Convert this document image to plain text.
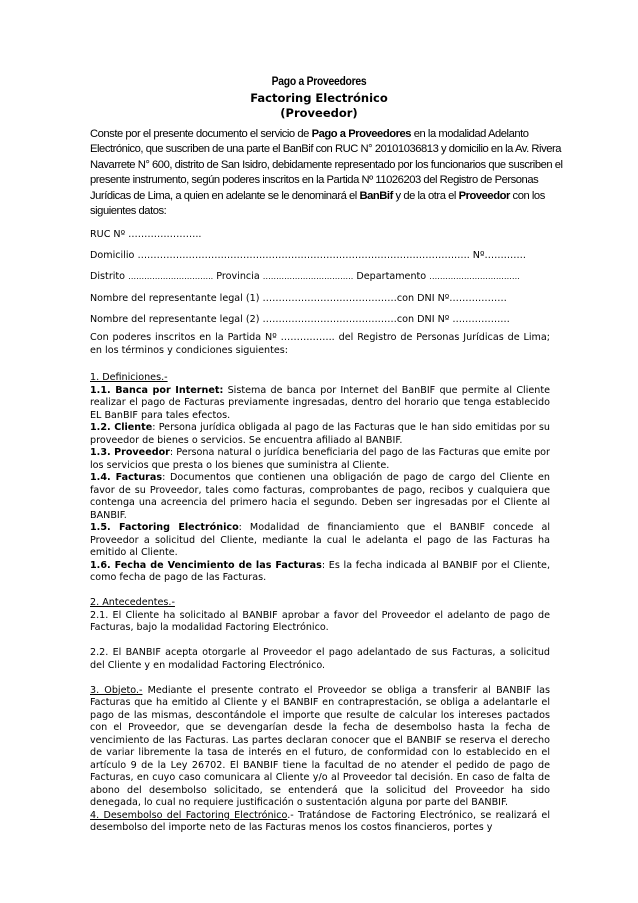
Pago a Proveedores
Factoring Electrónico
(Proveedor)
Conste por el presente documento el servicio de Pago a Proveedores en la modalidad Adelanto Electrónico, que suscriben de una parte el BanBif con RUC N° 20101036813 y domicilio en la Av. Rivera Navarrete N° 600, distrito de San Isidro, debidamente representado por los funcionarios que suscriben el presente instrumento, según poderes inscritos en la Partida Nº 11026203 del Registro de Personas Jurídicas de Lima, a quien en adelante se le denominará el BanBif y de la otra el Proveedor con los siguientes datos:
RUC Nº …………………..
Domicilio ………………………………………………………………………………………….. Nº………….
Distrito ………………………….. Provincia ……………………………. Departamento …………………………….
Nombre del representante legal (1) ……………………………………con DNI Nº………………
Nombre del representante legal (2) ……………………………………con DNI Nº ………………
Con poderes inscritos en la Partida Nº …………….. del Registro de Personas Jurídicas de Lima; en los términos y condiciones siguientes:

1. Definiciones.-

1.1. Banca por Internet: Sistema de banca por Internet del BanBIF que permite al Cliente realizar el pago de Facturas previamente ingresadas, dentro del horario que tenga establecido EL BanBIF para tales efectos.

1.2. Cliente: Persona jurídica obligada al pago de las Facturas que le han sido emitidas por su proveedor de bienes o servicios. Se encuentra afiliado al BANBIF.

1.3. Proveedor: Persona natural o jurídica beneficiaria del pago de las Facturas que emite por los servicios que presta o los bienes que suministra al Cliente.

1.4. Facturas: Documentos que contienen una obligación de pago de cargo del Cliente en favor de su Proveedor, tales como facturas, comprobantes de pago, recibos y cualquiera que contenga una acreencia del primero hacia el segundo. Deben ser ingresadas por el Cliente al BANBIF.

1.5. Factoring Electrónico: Modalidad de financiamiento que el BANBIF concede al Proveedor a solicitud del Cliente, mediante la cual le adelanta el pago de las Facturas ha emitido al Cliente.

1.6. Fecha de Vencimiento de las Facturas: Es la fecha indicada al BANBIF por el Cliente, como fecha de pago de las Facturas.

2. Antecedentes.-

2.1. El Cliente ha solicitado al BANBIF aprobar a favor del Proveedor el adelanto de pago de Facturas, bajo la modalidad Factoring Electrónico.

2.2. El BANBIF acepta otorgarle al Proveedor el pago adelantado de sus Facturas, a solicitud del Cliente y en modalidad Factoring Electrónico.

3. Objeto.- Mediante el presente contrato el Proveedor se obliga a transferir al BANBIF las Facturas que ha emitido al Cliente y el BANBIF en contraprestación, se obliga a adelantarle el pago de las mismas, descontándole el importe que resulte de calcular los intereses pactados con el Proveedor, que se devengarían desde la fecha de desembolso hasta la fecha de vencimiento de las Facturas. Las partes declaran conocer que el BANBIF se reserva el derecho de variar libremente la tasa de interés en el futuro, de conformidad con lo establecido en el artículo 9 de la Ley 26702. El BANBIF tiene la facultad de no atender el pedido de pago de Facturas, en cuyo caso comunicara al Cliente y/o al Proveedor tal decisión. En caso de falta de abono del desembolso solicitado, se entenderá que la solicitud del Proveedor ha sido denegada, lo cual no requiere justificación o sustentación alguna por parte del BANBIF.

4. Desembolso del Factoring Electrónico.- Tratándose de Factoring Electrónico, se realizará el desembolso del importe neto de las Facturas menos los costos financieros, portes y
